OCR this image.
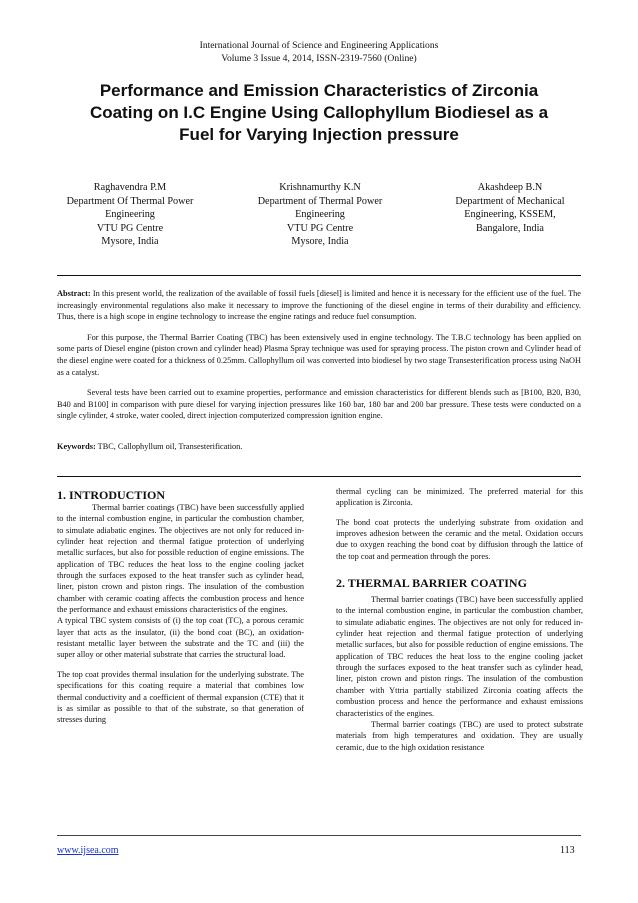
International Journal of Science and Engineering Applications
Volume 3 Issue 4, 2014, ISSN-2319-7560 (Online)
Performance and Emission Characteristics of Zirconia
Coating on I.C Engine Using Callophyllum Biodiesel as a
Fuel for Varying Injection pressure
Raghavendra P.M
Department Of Thermal Power
Engineering
VTU PG Centre
Mysore, India
Krishnamurthy K.N
Department of Thermal Power
Engineering
VTU PG Centre
Mysore, India
Akashdeep B.N
Department of Mechanical
Engineering, KSSEM,
Bangalore, India

Abstract: In this present world, the realization of the available of fossil fuels [diesel] is limited and hence it is necessary for the efficient use of the fuel. The increasingly environmental regulations also make it necessary to improve the functioning of the diesel engine in terms of their durability and efficiency. Thus, there is a high scope in engine technology to increase the engine ratings and reduce fuel consumption.

For this purpose, the Thermal Barrier Coating (TBC) has been extensively used in engine technology. The T.B.C technology has been applied on some parts of Diesel engine (piston crown and cylinder head) Plasma Spray technique was used for spraying process. The piston crown and Cylinder head of the diesel engine were coated for a thickness of 0.25mm. Callophyllum oil was converted into biodiesel by two stage Transesterification process using NaOH as a catalyst.

Several tests have been carried out to examine properties, performance and emission characteristics for different blends such as [B100, B20, B30, B40 and B100] in comparison with pure diesel for varying injection pressures like 160 bar, 180 bar and 200 bar pressure. These tests were conducted on a single cylinder, 4 stroke, water cooled, direct injection computerized compression ignition engine.

Keywords: TBC, Callophyllum oil, Transesterification.
1. INTRODUCTION

Thermal barrier coatings (TBC) have been successfully applied to the internal combustion engine, in particular the combustion chamber, to simulate adiabatic engines. The objectives are not only for reduced in-cylinder heat rejection and thermal fatigue protection of underlying metallic surfaces, but also for possible reduction of engine emissions. The application of TBC reduces the heat loss to the engine cooling jacket through the surfaces exposed to the heat transfer such as cylinder head, liner, piston crown and piston rings. The insulation of the combustion chamber with ceramic coating affects the combustion process and hence the performance and exhaust emissions characteristics of the engines.

A typical TBC system consists of (i) the top coat (TC), a porous ceramic layer that acts as the insulator, (ii) the bond coat (BC), an oxidation-resistant metallic layer between the substrate and the TC and (iii) the super alloy or other material substrate that carries the structural load.

The top coat provides thermal insulation for the underlying substrate. The specifications for this coating require a material that combines low thermal conductivity and a coefficient of thermal expansion (CTE) that it is as similar as possible to that of the substrate, so that generation of stresses during

thermal cycling can be minimized. The preferred material for this application is Zirconia.

The bond coat protects the underlying substrate from oxidation and improves adhesion between the ceramic and the metal. Oxidation occurs due to oxygen reaching the bond coat by diffusion through the lattice of the top coat and permeation through the pores.

2. THERMAL BARRIER COATING

Thermal barrier coatings (TBC) have been successfully applied to the internal combustion engine, in particular the combustion chamber, to simulate adiabatic engines. The objectives are not only for reduced in-cylinder heat rejection and thermal fatigue protection of underlying metallic surfaces, but also for possible reduction of engine emissions. The application of TBC reduces the heat loss to the engine cooling jacket through the surfaces exposed to the heat transfer such as cylinder head, liner, piston crown and piston rings. The insulation of the combustion chamber with Yttria partially stabilized Zirconia coating affects the combustion process and hence the performance and exhaust emissions characteristics of the engines.

Thermal barrier coatings (TBC) are used to protect substrate materials from high temperatures and oxidation. They are usually ceramic, due to the high oxidation resistance

www.ijsea.com	113
